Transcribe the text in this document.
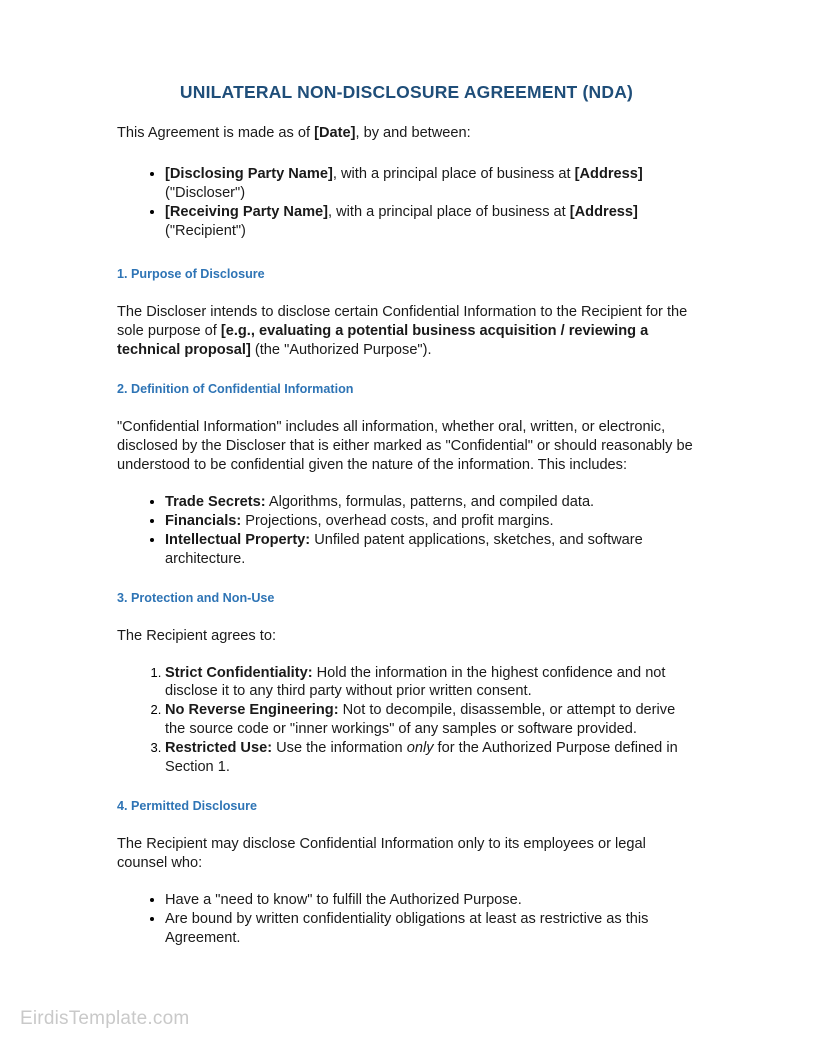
UNILATERAL NON-DISCLOSURE AGREEMENT (NDA)

This Agreement is made as of [Date], by and between:

• [Disclosing Party Name], with a principal place of business at [Address] ("Discloser")
• [Receiving Party Name], with a principal place of business at [Address] ("Recipient")
1. Purpose of Disclosure

The Discloser intends to disclose certain Confidential Information to the Recipient for the sole purpose of [e.g., evaluating a potential business acquisition / reviewing a technical proposal] (the "Authorized Purpose").

2. Definition of Confidential Information

"Confidential Information" includes all information, whether oral, written, or electronic, disclosed by the Discloser that is either marked as "Confidential" or should reasonably be understood to be confidential given the nature of the information. This includes:

• Trade Secrets: Algorithms, formulas, patterns, and compiled data.
• Financials: Projections, overhead costs, and profit margins.
• Intellectual Property: Unfiled patent applications, sketches, and software architecture.
3. Protection and Non-Use

The Recipient agrees to:

1. Strict Confidentiality: Hold the information in the highest confidence and not disclose it to any third party without prior written consent.
2. No Reverse Engineering: Not to decompile, disassemble, or attempt to derive the source code or "inner workings" of any samples or software provided.
3. Restricted Use: Use the information only for the Authorized Purpose defined in Section 1.
4. Permitted Disclosure

The Recipient may disclose Confidential Information only to its employees or legal counsel who:

• Have a "need to know" to fulfill the Authorized Purpose.
• Are bound by written confidentiality obligations at least as restrictive as this Agreement.
EirdisTemplate.com
